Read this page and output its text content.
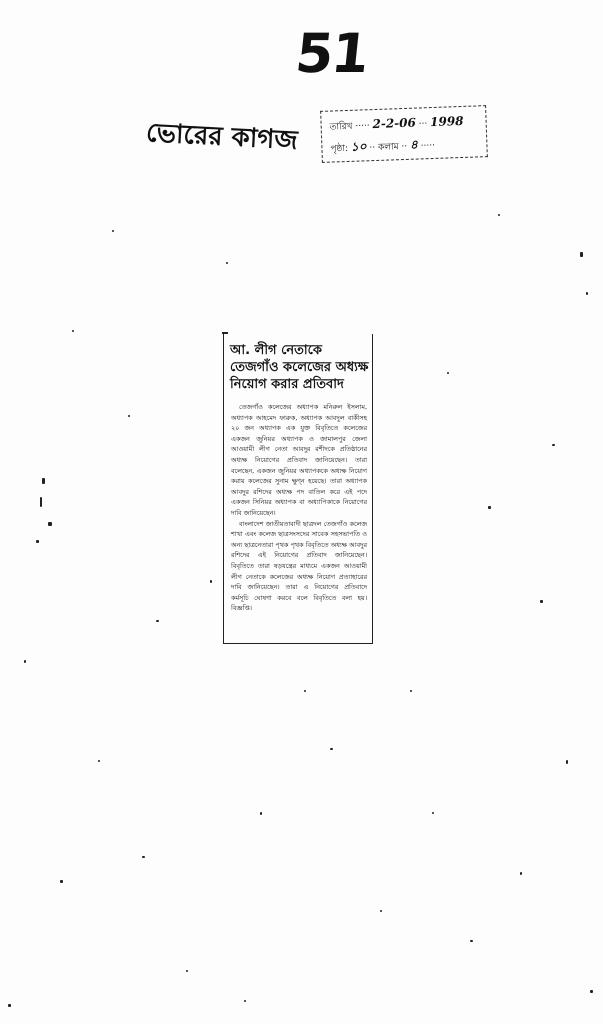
51
ভোরের কাগজ	তারিখ ····· 2-2-06 ··· 1998
পৃষ্ঠা: ১০ ·· কলাম ·· ৪ ·····
আ. লীগ নেতাকে তেজগাঁও কলেজের অধ্যক্ষ নিয়োগ করার প্রতিবাদ

তেজগাঁও কলেজের অধ্যাপক মনিরুল ইসলাম, অধ্যাপক আহমেদ ফারুক, অধ্যাপক আবদুল বাকীসহ ২০ জন অধ্যাপক এক যুক্ত বিবৃতিতে কলেজের একজন জুনিয়র অধ্যাপক ও জামালপুর জেলা আওয়ামী লীগ নেতা আবদুর রশীদকে প্রতিষ্ঠানের অধ্যক্ষ নিয়োগের প্রতিবাদ জানিয়েছেন। তারা বলেছেন, একজন জুনিয়র অধ্যাপককে অধ্যক্ষ নিয়োগ করায় কলেজের সুনাম ক্ষুণ্ন হয়েছে। তারা অধ্যাপক আবদুর রশিদের অধ্যক্ষ পদ বাতিল করে এই পদে একজন সিনিয়র অধ্যাপক বা অধ্যাপিকাকে নিয়োগের দাবি জানিয়েছেন।

বাংলাদেশ জাতীয়তাবাদী ছাত্রদল তেজগাঁও কলেজ শাখা এবং কলেজ ছাত্রসংসদের সাবেক সহসভাপতি ও অন্য ছাত্রনেতারা পৃথক পৃথক বিবৃতিতে অধ্যক্ষ আবদুর রশিদের এই নিয়োগের প্রতিবাদ জানিয়েছেন। বিবৃতিতে তারা ষড়যন্ত্রের মাধ্যমে একজন আওয়ামী লীগ নেতাকে কলেজের অধ্যক্ষ নিয়োগ প্রত্যাহারের দাবি জানিয়েছেন। তারা এ নিয়োগের প্রতিবাদে কর্মসূচি ঘোষণা করবে বলে বিবৃতিতে বলা হয়। বিজ্ঞপ্তি।
